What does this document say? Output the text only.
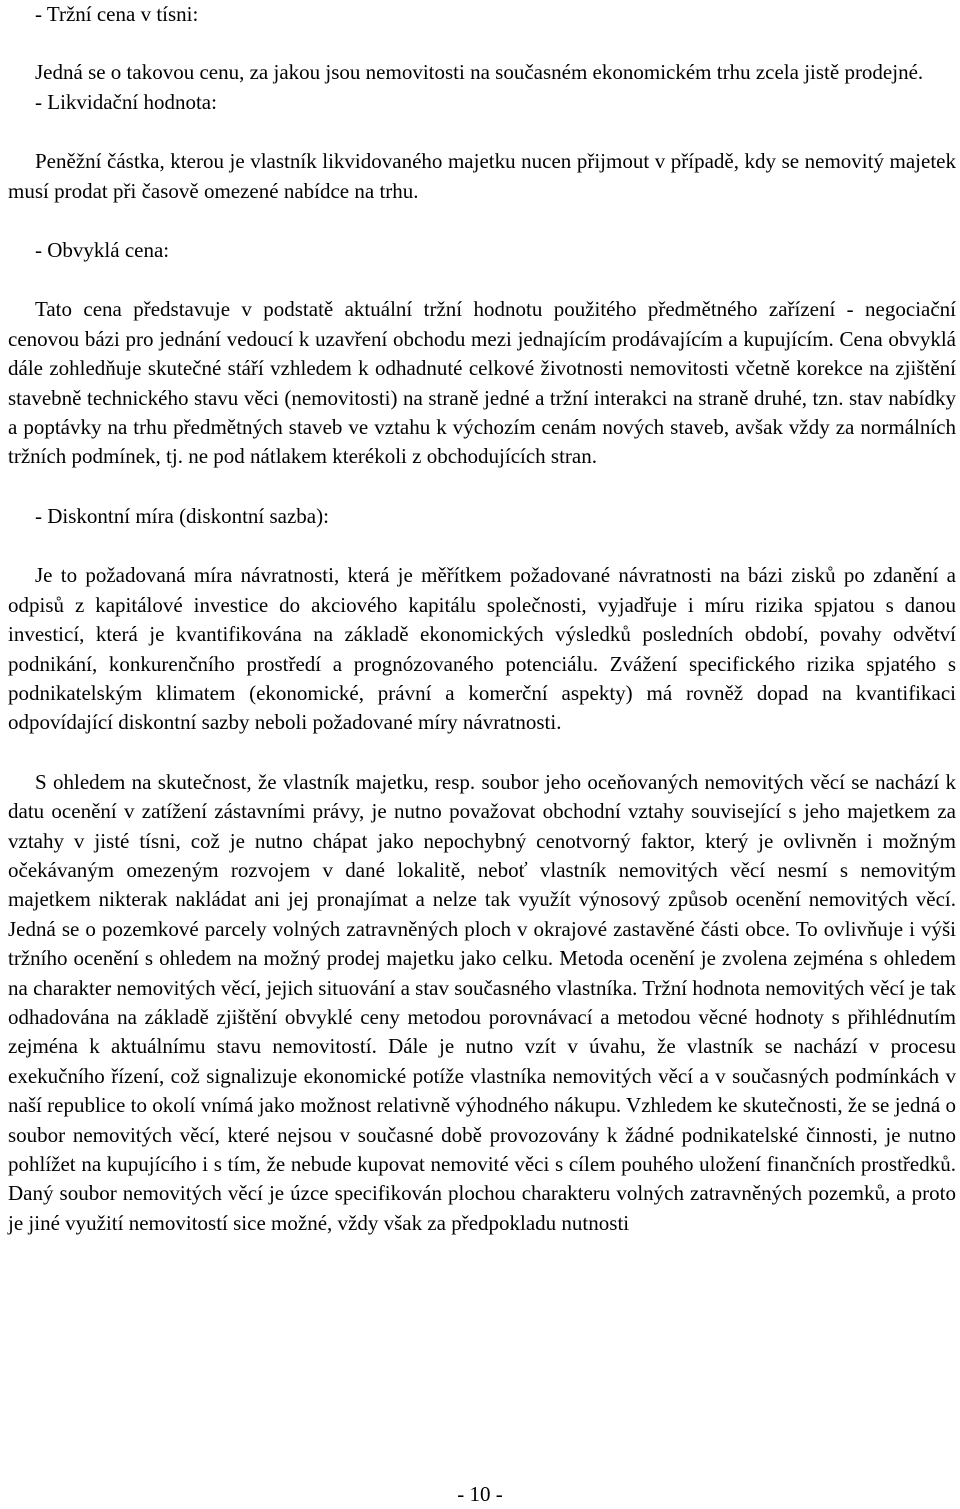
- Tržní cena v tísni:

Jedná se o takovou cenu, za jakou jsou nemovitosti na současném ekonomickém trhu zcela jistě prodejné.

- Likvidační hodnota:

Peněžní částka, kterou je vlastník likvidovaného majetku nucen přijmout v případě, kdy se nemovitý majetek musí prodat při časově omezené nabídce na trhu.

- Obvyklá cena:

Tato cena představuje v podstatě aktuální tržní hodnotu použitého předmětného zařízení - negociační cenovou bázi pro jednání vedoucí k uzavření obchodu mezi jednajícím prodávajícím a kupujícím. Cena obvyklá dále zohledňuje skutečné stáří vzhledem k odhadnuté celkové životnosti nemovitosti včetně korekce na zjištění stavebně technického stavu věci (nemovitosti) na straně jedné a tržní interakci na straně druhé, tzn. stav nabídky a poptávky na trhu předmětných staveb ve vztahu k výchozím cenám nových staveb, avšak vždy za normálních tržních podmínek, tj. ne pod nátlakem kterékoli z obchodujících stran.

- Diskontní míra (diskontní sazba):

Je to požadovaná míra návratnosti, která je měřítkem požadované návratnosti na bázi zisků po zdanění a odpisů z kapitálové investice do akciového kapitálu společnosti, vyjadřuje i míru rizika spjatou s danou investicí, která je kvantifikována na základě ekonomických výsledků posledních období, povahy odvětví podnikání, konkurenčního prostředí a prognózovaného potenciálu. Zvážení specifického rizika spjatého s podnikatelským klimatem (ekonomické, právní a komerční aspekty) má rovněž dopad na kvantifikaci odpovídající diskontní sazby neboli požadované míry návratnosti.

S ohledem na skutečnost, že vlastník majetku, resp. soubor jeho oceňovaných nemovitých věcí se nachází k datu ocenění v zatížení zástavními právy, je nutno považovat obchodní vztahy související s jeho majetkem za vztahy v jisté tísni, což je nutno chápat jako nepochybný cenotvorný faktor, který je ovlivněn i možným očekávaným omezeným rozvojem v dané lokalitě, neboť vlastník nemovitých věcí nesmí s nemovitým majetkem nikterak nakládat ani jej pronajímat a nelze tak využít výnosový způsob ocenění nemovitých věcí. Jedná se o pozemkové parcely volných zatravněných ploch v okrajové zastavěné části obce. To ovlivňuje i výši tržního ocenění s ohledem na možný prodej majetku jako celku. Metoda ocenění je zvolena zejména s ohledem na charakter nemovitých věcí, jejich situování a stav současného vlastníka. Tržní hodnota nemovitých věcí je tak odhadována na základě zjištění obvyklé ceny metodou porovnávací a metodou věcné hodnoty s přihlédnutím zejména k aktuálnímu stavu nemovitostí. Dále je nutno vzít v úvahu, že vlastník se nachází v procesu exekučního řízení, což signalizuje ekonomické potíže vlastníka nemovitých věcí a v současných podmínkách v naší republice to okolí vnímá jako možnost relativně výhodného nákupu. Vzhledem ke skutečnosti, že se jedná o soubor nemovitých věcí, které nejsou v současné době provozovány k žádné podnikatelské činnosti, je nutno pohlížet na kupujícího i s tím, že nebude kupovat nemovité věci s cílem pouhého uložení finančních prostředků. Daný soubor nemovitých věcí je úzce specifikován plochou charakteru volných zatravněných pozemků, a proto je jiné využití nemovitostí sice možné, vždy však za předpokladu nutnosti

- 10 -
